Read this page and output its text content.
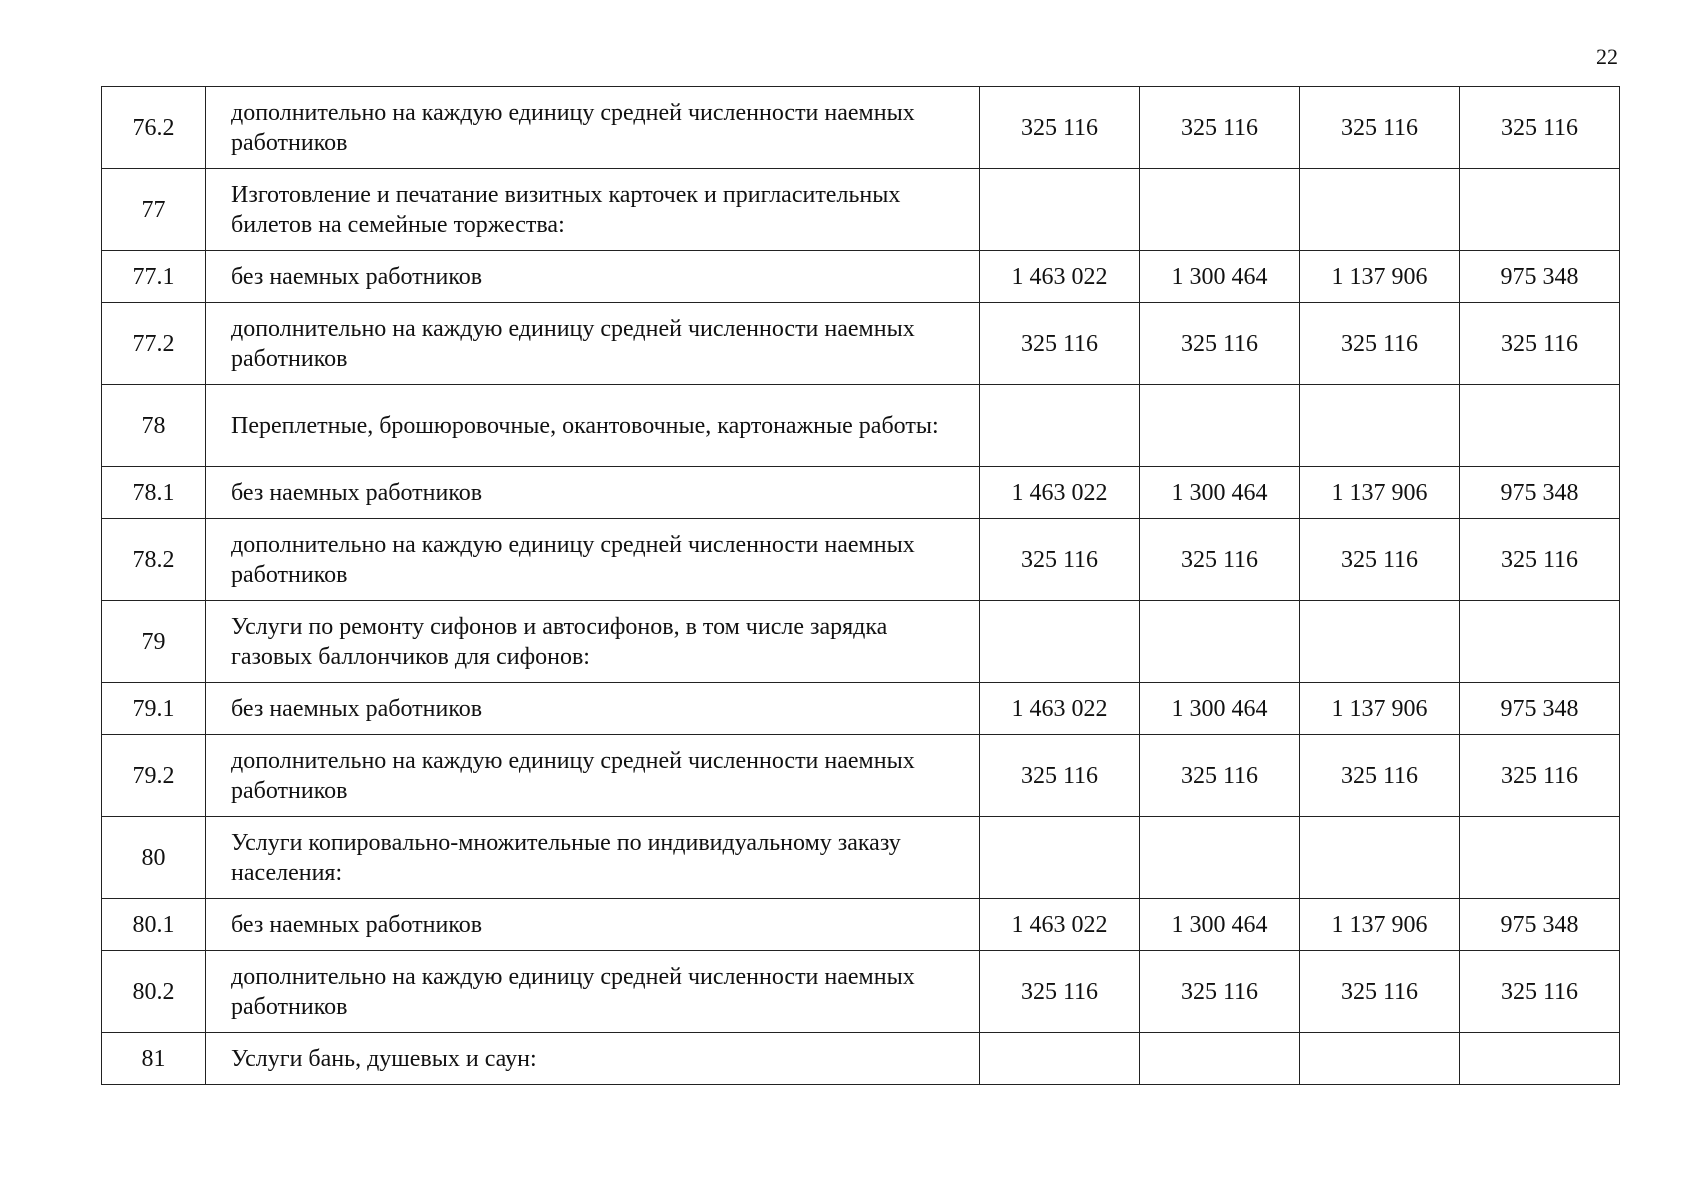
22
76.2	дополнительно на каждую единицу средней численности наемных работников	325 116	325 116	325 116	325 116
77	Изготовление и печатание визитных карточек и пригласительных билетов на семейные торжества:				
77.1	без наемных работников	1 463 022	1 300 464	1 137 906	975 348
77.2	дополнительно на каждую единицу средней численности наемных работников	325 116	325 116	325 116	325 116
78	Переплетные, брошюровочные, окантовочные, картонажные работы:				
78.1	без наемных работников	1 463 022	1 300 464	1 137 906	975 348
78.2	дополнительно на каждую единицу средней численности наемных работников	325 116	325 116	325 116	325 116
79	Услуги по ремонту сифонов и автосифонов, в том числе зарядка газовых баллончиков для сифонов:				
79.1	без наемных работников	1 463 022	1 300 464	1 137 906	975 348
79.2	дополнительно на каждую единицу средней численности наемных работников	325 116	325 116	325 116	325 116
80	Услуги копировально-множительные по индивидуальному заказу населения:				
80.1	без наемных работников	1 463 022	1 300 464	1 137 906	975 348
80.2	дополнительно на каждую единицу средней численности наемных работников	325 116	325 116	325 116	325 116
81	Услуги бань, душевых и саун:				
